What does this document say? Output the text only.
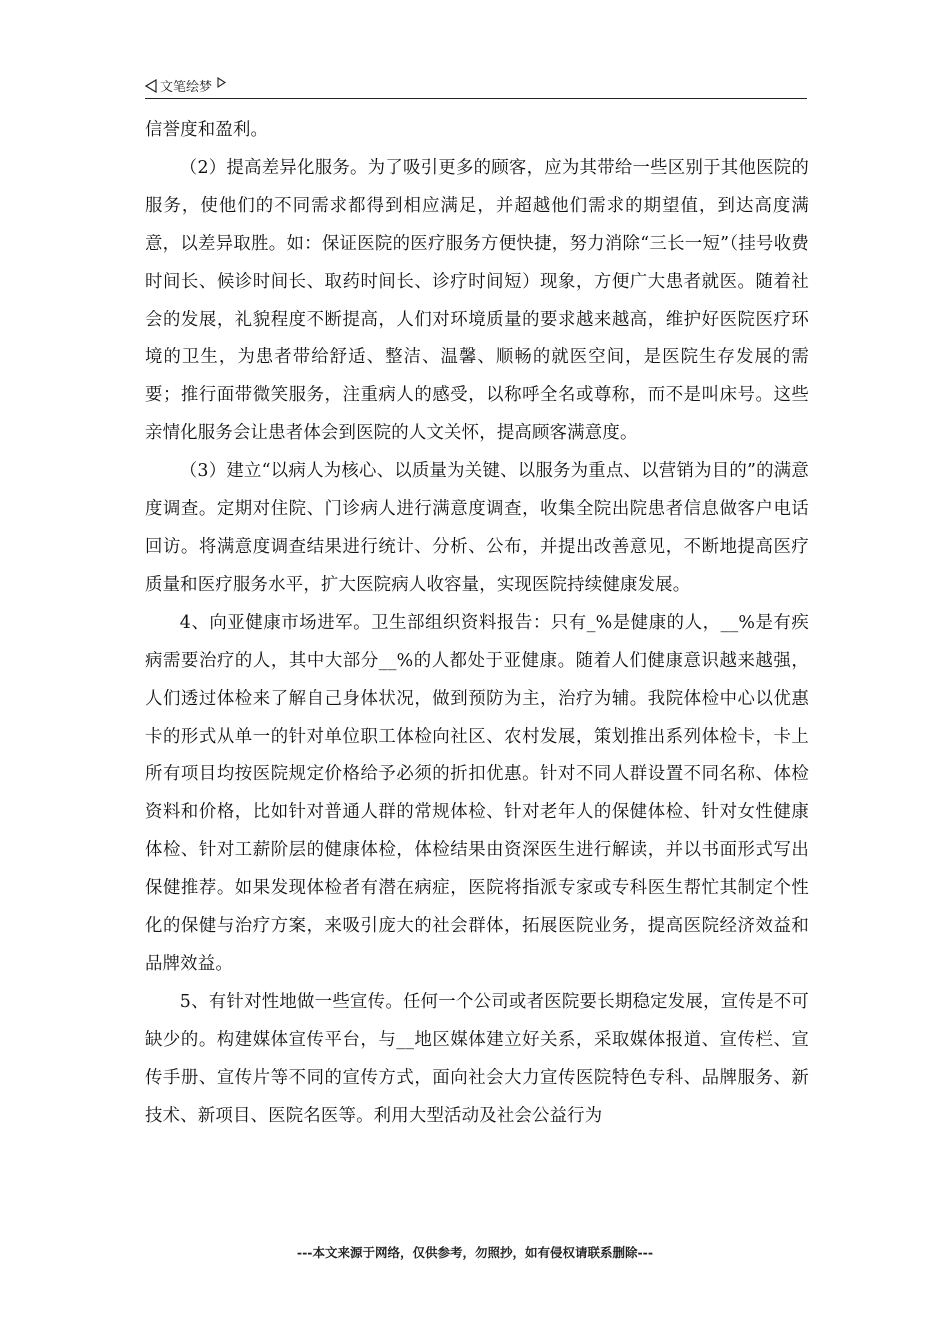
文笔绘梦

信誉度和盈利。

（2）提高差异化服务。为了吸引更多的顾客，应为其带给一些区别于其他医院的服务，使他们的不同需求都得到相应满足，并超越他们需求的期望值，到达高度满意，以差异取胜。如：保证医院的医疗服务方便快捷，努力消除“三长一短”（挂号收费时间长、候诊时间长、取药时间长、诊疗时间短）现象，方便广大患者就医。随着社会的发展，礼貌程度不断提高，人们对环境质量的要求越来越高，维护好医院医疗环境的卫生，为患者带给舒适、整洁、温馨、顺畅的就医空间，是医院生存发展的需要；推行面带微笑服务，注重病人的感受，以称呼全名或尊称，而不是叫床号。这些亲情化服务会让患者体会到医院的人文关怀，提高顾客满意度。

（3）建立“以病人为核心、以质量为关键、以服务为重点、以营销为目的”的满意度调查。定期对住院、门诊病人进行满意度调查，收集全院出院患者信息做客户电话回访。将满意度调查结果进行统计、分析、公布，并提出改善意见，不断地提高医疗质量和医疗服务水平，扩大医院病人收容量，实现医院持续健康发展。

4、向亚健康市场进军。卫生部组织资料报告：只有_%是健康的人，__%是有疾病需要治疗的人，其中大部分__%的人都处于亚健康。随着人们健康意识越来越强，人们透过体检来了解自己身体状况，做到预防为主，治疗为辅。我院体检中心以优惠卡的形式从单一的针对单位职工体检向社区、农村发展，策划推出系列体检卡，卡上所有项目均按医院规定价格给予必须的折扣优惠。针对不同人群设置不同名称、体检资料和价格，比如针对普通人群的常规体检、针对老年人的保健体检、针对女性健康体检、针对工薪阶层的健康体检，体检结果由资深医生进行解读，并以书面形式写出保健推荐。如果发现体检者有潜在病症，医院将指派专家或专科医生帮忙其制定个性化的保健与治疗方案，来吸引庞大的社会群体，拓展医院业务，提高医院经济效益和品牌效益。

5、有针对性地做一些宣传。任何一个公司或者医院要长期稳定发展，宣传是不可缺少的。构建媒体宣传平台，与__地区媒体建立好关系，采取媒体报道、宣传栏、宣传手册、宣传片等不同的宣传方式，面向社会大力宣传医院特色专科、品牌服务、新技术、新项目、医院名医等。利用大型活动及社会公益行为

---本文来源于网络，仅供参考，勿照抄，如有侵权请联系删除---
